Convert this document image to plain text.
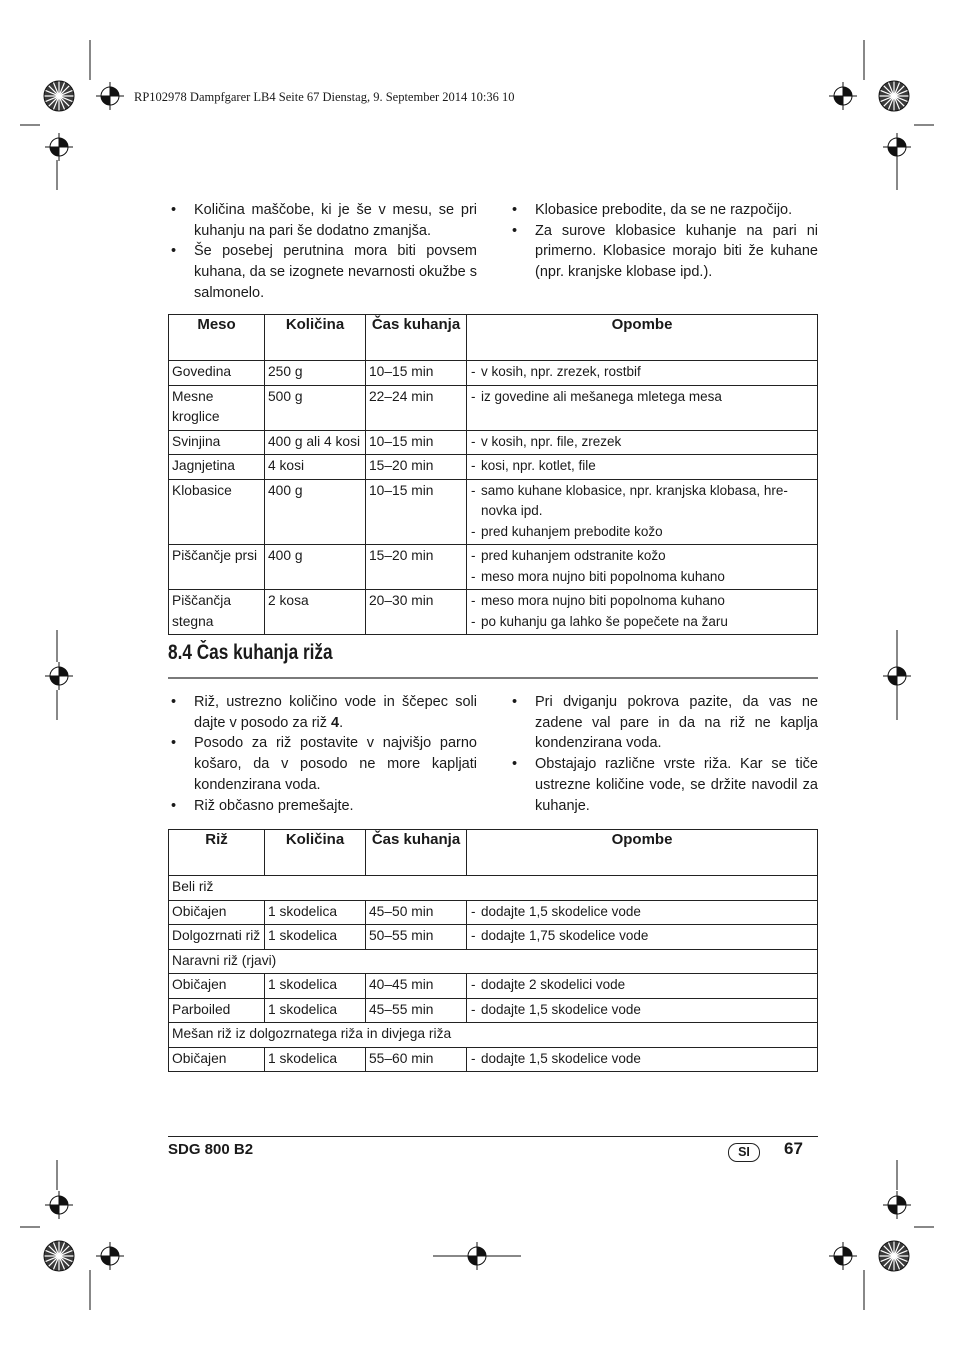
RP102978 Dampfgarer LB4 Seite 67 Dienstag, 9. September 2014 10:36 10
• Količina maščobe, ki je še v mesu, se pri kuhanju na pari še dodatno zmanjša.
• Še posebej perutnina mora biti povsem kuhana, da se izognete nevarnosti okužbe s salmonelo.
• Klobasice prebodite, da se ne razpočijo.
• Za surove klobasice kuhanje na pari ni primerno. Klobasice morajo biti že kuhane (npr. kranjske klobase ipd.).
Meso	Količina	Čas kuhanja	Opombe
Govedina	250 g	10–15 min	- v kosih, npr. zrezek, rostbif

Mesne kroglice	500 g	22–24 min	- iz govedine ali mešanega mletega mesa

Svinjina	400 g ali 4 kosi	10–15 min	- v kosih, npr. file, zrezek

Jagnjetina	4 kosi	15–20 min	- kosi, npr. kotlet, file

Klobasice	400 g	10–15 min	- samo kuhane klobasice, npr. kranjska klobasa, hre-novka ipd.
- pred kuhanjem prebodite kožo

Piščančje prsi	400 g	15–20 min	- pred kuhanjem odstranite kožo
- meso mora nujno biti popolnoma kuhano

Piščančja stegna	2 kosa	20–30 min	- meso mora nujno biti popolnoma kuhano
- po kuhanju ga lahko še popečete na žaru
8.4 Čas kuhanja riža
• Riž, ustrezno količino vode in ščepec soli dajte v posodo za riž 4.
• Posodo za riž postavite v najvišjo parno košaro, da v posodo ne more kapljati kondenzirana voda.
• Riž občasno premešajte.
• Pri dviganju pokrova pazite, da vas ne zadene val pare in da na riž ne kaplja kondenzirana voda.
• Obstajajo različne vrste riža. Kar se tiče ustrezne količine vode, se držite navodil za kuhanje.
Riž	Količina	Čas kuhanja	Opombe
Beli riž			
Običajen	1 skodelica	45–50 min	- dodajte 1,5 skodelice vode

Dolgozrnati riž	1 skodelica	50–55 min	- dodajte 1,75 skodelice vode

Naravni riž (rjavi)			
Običajen	1 skodelica	40–45 min	- dodajte 2 skodelici vode

Parboiled	1 skodelica	45–55 min	- dodajte 1,5 skodelice vode

Mešan riž iz dolgozrnatega riža in divjega riža			
Običajen	1 skodelica	55–60 min	- dodajte 1,5 skodelice vode
SDG 800 B2	SI	67
